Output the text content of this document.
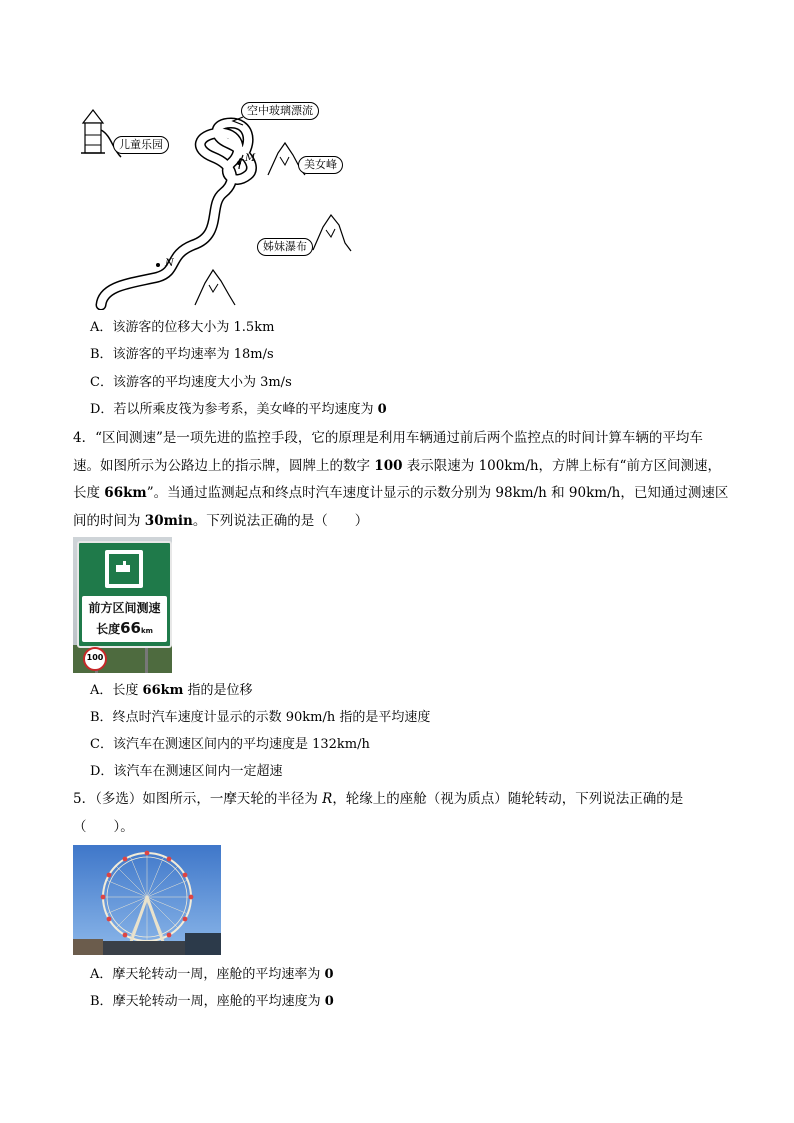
空中玻璃漂流
儿童乐园
美女峰
姊妹瀑布
M
N
A．该游客的位移大小为 1.5km
B．该游客的平均速率为 18m/s
C．该游客的平均速度大小为 3m/s
D．若以所乘皮筏为参考系，美女峰的平均速度为 0
4．“区间测速”是一项先进的监控手段，它的原理是利用车辆通过前后两个监控点的时间计算车辆的平均车
速。如图所示为公路边上的指示牌，圆牌上的数字 100 表示限速为 100km/h，方牌上标有“前方区间测速，
长度 66km”。当通过监测起点和终点时汽车速度计显示的示数分别为 98km/h 和 90km/h，已知通过测速区
间的时间为 30min。下列说法正确的是（　　）
前方区间测速
长度66km
100
A．长度 66km 指的是位移
B．终点时汽车速度计显示的示数 90km/h 指的是平均速度
C．该汽车在测速区间内的平均速度是 132km/h
D．该汽车在测速区间内一定超速
5．（多选）如图所示，一摩天轮的半径为 R，轮缘上的座舱（视为质点）随轮转动，下列说法正确的是
（　　）。
A．摩天轮转动一周，座舱的平均速率为 0
B．摩天轮转动一周，座舱的平均速度为 0
